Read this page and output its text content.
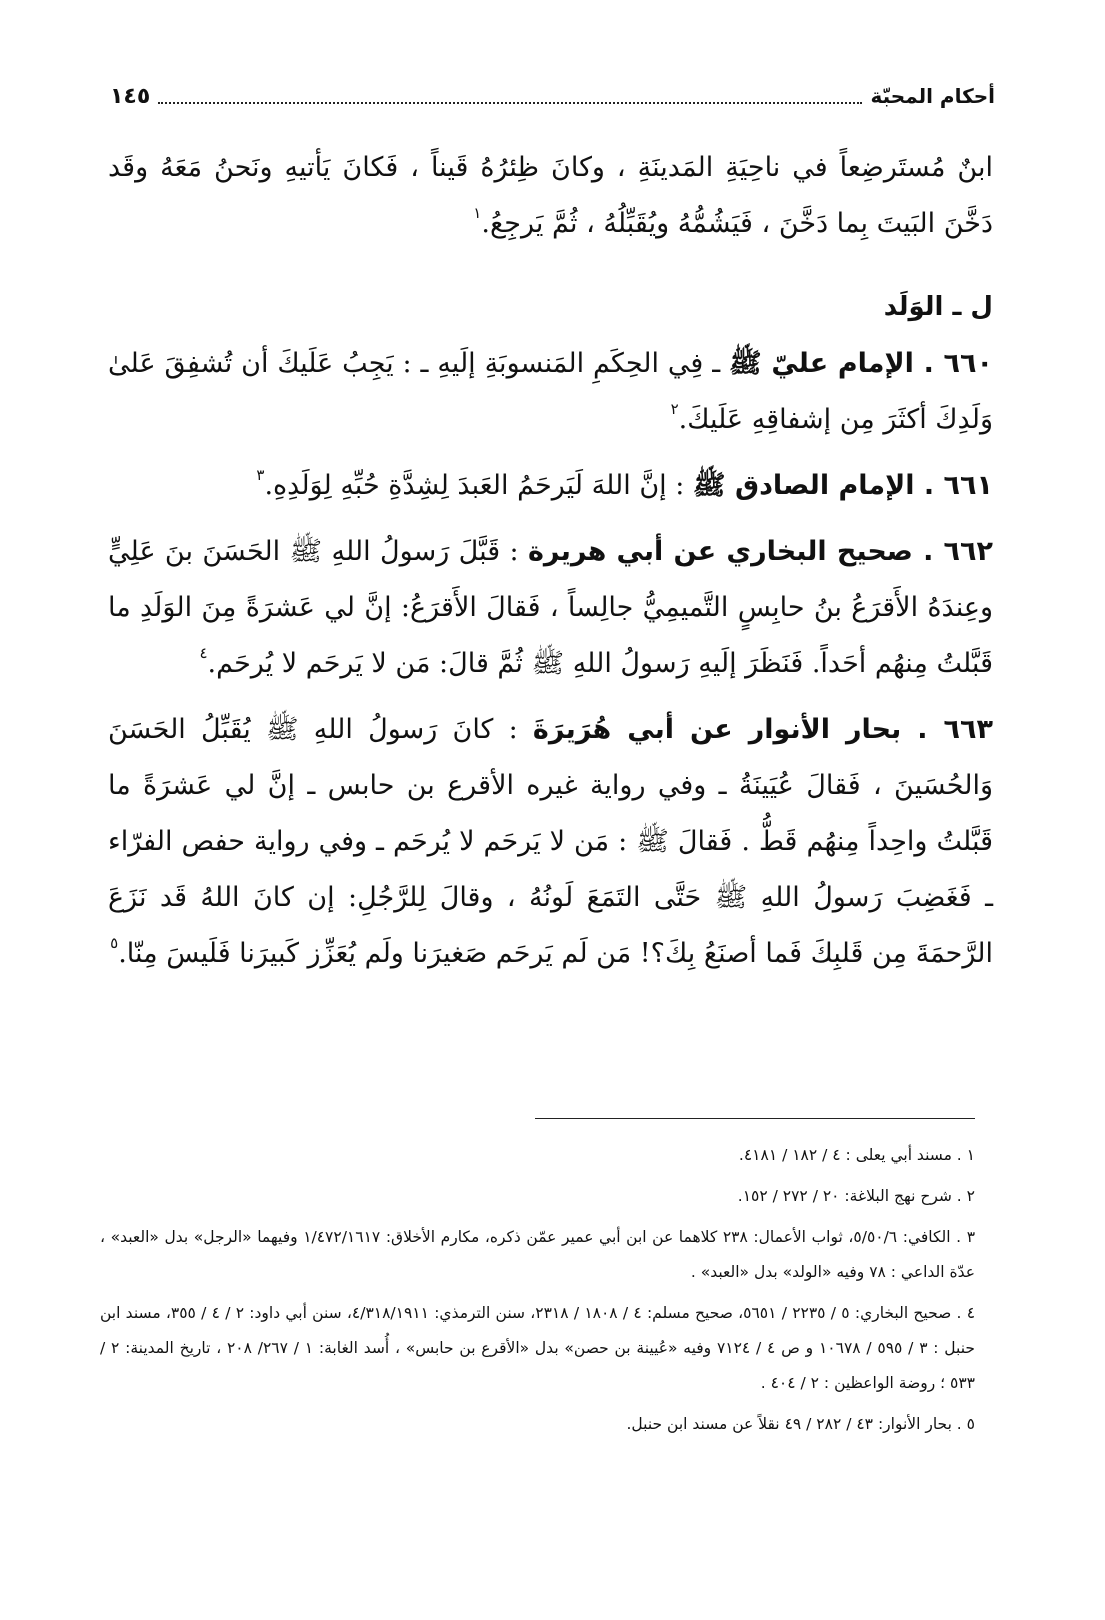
أحكام المحبّة
١٤٥

ابنٌ مُستَرضِعاً في ناحِيَةِ المَدينَةِ ، وكانَ ظِئرُهُ قَيناً ، فَكانَ يَأتيهِ ونَحنُ مَعَهُ وقَد دَخَّنَ البَيتَ بِما دَخَّنَ ، فَيَشُمُّهُ ويُقَبِّلُهُ ، ثُمَّ يَرجِعُ.$^١$

ل ـ الوَلَد

٦٦٠ . الإمام عليّ ﷺ ـ فِي الحِكَمِ المَنسوبَةِ إلَيهِ ـ : يَجِبُ عَلَيكَ أن تُشفِقَ عَلىٰ وَلَدِكَ أكثَرَ مِن إشفاقِهِ عَلَيكَ.$^٢$

٦٦١ . الإمام الصادق ﷺ : إنَّ اللهَ لَيَرحَمُ العَبدَ لِشِدَّةِ حُبِّهِ لِوَلَدِهِ.$^٣$

٦٦٢ . صحيح البخاري عن أبي هريرة : قَبَّلَ رَسولُ اللهِ ﷺ الحَسَنَ بنَ عَلِيٍّ وعِندَهُ الأَقرَعُ بنُ حابِسٍ التَّميمِيُّ جالِساً ، فَقالَ الأَقرَعُ: إنَّ لي عَشرَةً مِنَ الوَلَدِ ما قَبَّلتُ مِنهُم أحَداً. فَنَظَرَ إلَيهِ رَسولُ اللهِ ﷺ ثُمَّ قالَ: مَن لا يَرحَم لا يُرحَم.$^٤$

٦٦٣ . بحار الأنوار عن أبي هُرَيرَةَ : كانَ رَسولُ اللهِ ﷺ يُقَبِّلُ الحَسَنَ وَالحُسَينَ ، فَقالَ عُيَينَةُ ـ وفي رواية غيره الأقرع بن حابس ـ إنَّ لي عَشرَةً ما قَبَّلتُ واحِداً مِنهُم قَطُّ . فَقالَ ﷺ : مَن لا يَرحَم لا يُرحَم ـ وفي رواية حفص الفرّاء ـ فَغَضِبَ رَسولُ اللهِ ﷺ حَتَّى التَمَعَ لَونُهُ ، وقالَ لِلرَّجُلِ: إن كانَ اللهُ قَد نَزَعَ الرَّحمَةَ مِن قَلبِكَ فَما أصنَعُ بِكَ؟! مَن لَم يَرحَم صَغيرَنا ولَم يُعَزِّز كَبيرَنا فَلَيسَ مِنّا.$^٥$

١ . مسند أبي يعلى : ٤ / ١٨٢ / ٤١٨١.

٢ . شرح نهج البلاغة: ٢٠ / ٢٧٢ / ١٥٢.

٣ . الكافي: ٥/٥٠/٦، ثواب الأعمال: ٢٣٨ كلاهما عن ابن أبي عمير عمّن ذكره، مكارم الأخلاق: ١/٤٧٢/١٦١٧ وفيهما «الرجل» بدل «العبد» ، عدّة الداعي : ٧٨ وفيه «الولد» بدل «العبد» .

٤ . صحيح البخاري: ٥ / ٢٢٣٥ / ٥٦٥١، صحيح مسلم: ٤ / ١٨٠٨ / ٢٣١٨، سنن الترمذي: ٤/٣١٨/١٩١١، سنن أبي داود: ٢ / ٤ / ٣٥٥، مسند ابن حنبل : ٣ / ٥٩٥ / ١٠٦٧٨ و ص ٤ / ٧١٢٤ وفيه «عُيينة بن حصن» بدل «الأقرع بن حابس» ، أُسد الغابة: ١ / ٢٦٧/ ٢٠٨ ، تاريخ المدينة: ٢ / ٥٣٣ ؛ روضة الواعظين : ٢ / ٤٠٤ .

٥ . بحار الأنوار: ٤٣ / ٢٨٢ / ٤٩ نقلاً عن مسند ابن حنبل.
